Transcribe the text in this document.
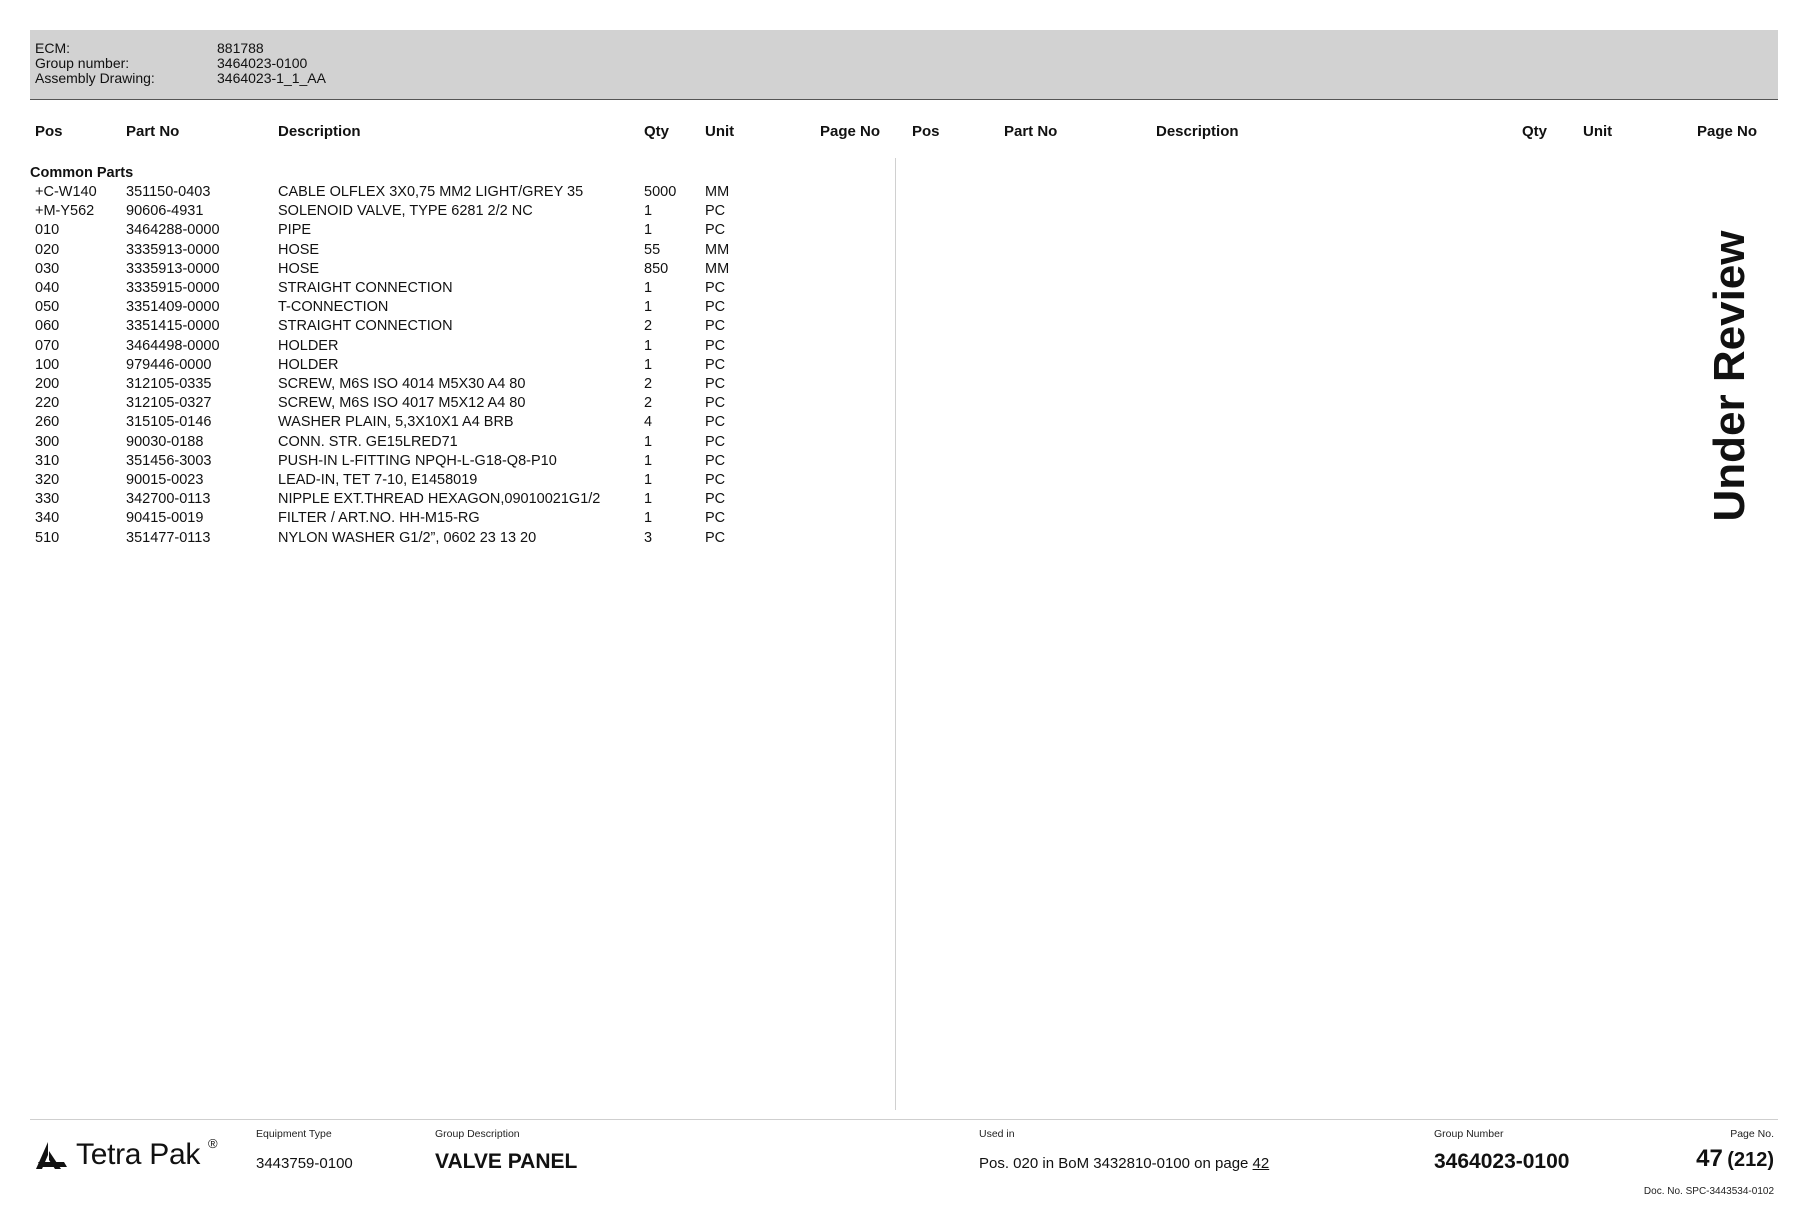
ECM:	881788
Group number:	3464023-0100
Assembly Drawing:	3464023-1_1_AA
Pos	Part No	Description	Qty Unit	Page No Pos	Part No	Description	Qty Unit	Page No
Common Parts
+C-W140 351150-0403	CABLE OLFLEX 3X0,75 MM2 LIGHT/GREY 35	5000 MM
+M-Y562 90606-4931	SOLENOID VALVE, TYPE 6281 2/2 NC	1	PC
010	3464288-0000	PIPE	1	PC
020	3335913-0000	HOSE	55	MM
030	3335913-0000	HOSE	850	MM
040	3335915-0000	STRAIGHT CONNECTION	1	PC
050	3351409-0000	T-CONNECTION	1	PC
060	3351415-0000	STRAIGHT CONNECTION	2	PC
070	3464498-0000	HOLDER	1	PC
100	979446-0000	HOLDER	1	PC
200	312105-0335	SCREW, M6S ISO 4014 M5X30 A4 80	2	PC
220	312105-0327	SCREW, M6S ISO 4017 M5X12 A4 80	2	PC
260	315105-0146	WASHER PLAIN, 5,3X10X1 A4 BRB	4	PC
300	90030-0188	CONN. STR. GE15LRED71	1	PC
310	351456-3003	PUSH-IN L-FITTING NPQH-L-G18-Q8-P10	1	PC
320	90015-0023	LEAD-IN, TET 7-10, E1458019	1	PC
330	342700-0113	NIPPLE EXT.THREAD HEXAGON,09010021G1/2	1	PC
340	90415-0019	FILTER / ART.NO. HH-M15-RG	1	PC
510	351477-0113	NYLON WASHER G1/2”, 0602 23 13 20	3	PC
Under Review
Tetra Pak ®
Equipment Type
3443759-0100
Group Description
VALVE PANEL
Used in
Pos. 020 in BoM 3432810-0100 on page 42
Group Number
3464023-0100
Page No.
47 (212)
Doc. No. SPC-3443534-0102
